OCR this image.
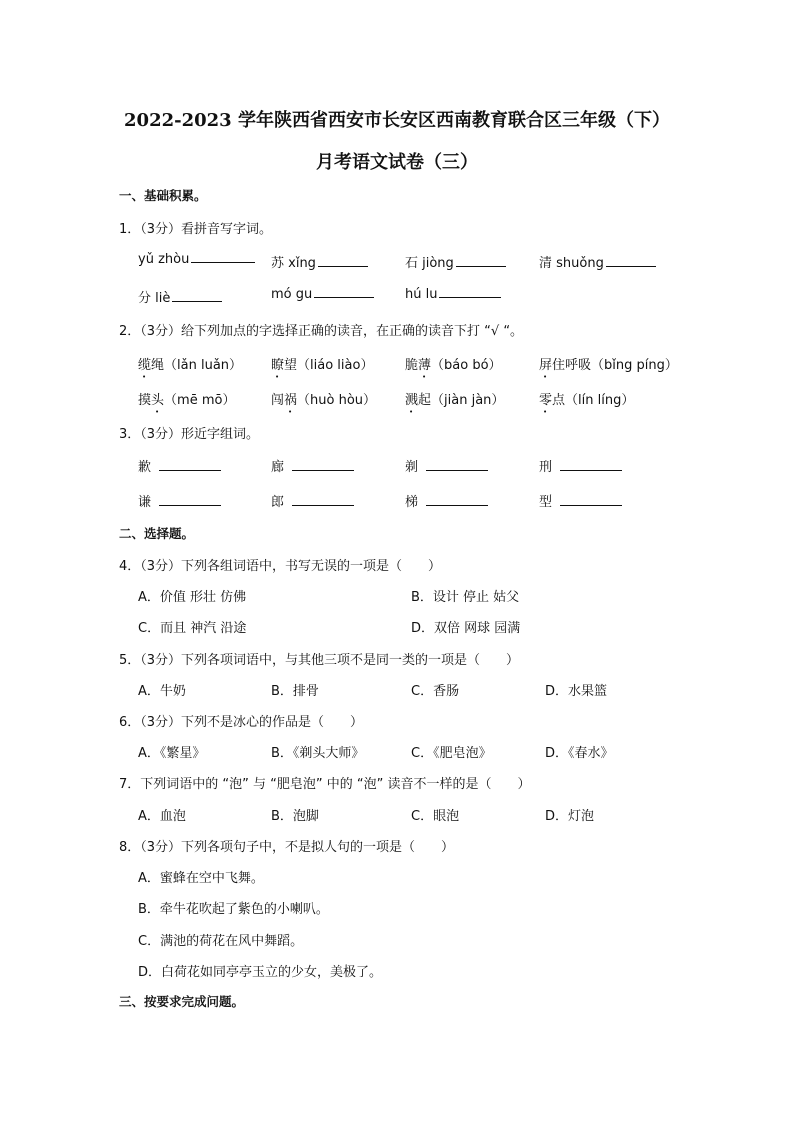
2022-2023 学年陕西省西安市长安区西南教育联合区三年级（下）
月考语文试卷（三）
一、基础积累。
1．（3分）看拼音写字词。
yǔ zhòu	苏 xǐng	石 jiòng	清 shuǒng
分 liè	mó gu	hú lu
2．（3分）给下列加点的字选择正确的读音，在正确的读音下打 “√ “。
缆绳（lǎn luǎn） 瞭望（liáo liào） 脆薄（báo bó）	屏住呼吸（bǐng píng）
摸头（mē mō）	闯祸（huò hòu） 溅起（jiàn jàn）	零点（lín líng）
3．（3分）形近字组词。
歉	廊	剃	刑
谦	郎	梯	型
二、选择题。
4．（3分）下列各组词语中，书写无误的一项是（　　）
A．价值 形壮 仿佛	B．设计 停止 姑父
C．而且 神汽 沿途	D．双倍 网球 园满
5．（3分）下列各项词语中，与其他三项不是同一类的一项是（　　）
A．牛奶	B．排骨	C．香肠	D．水果篮
6．（3分）下列不是冰心的作品是（　　）
A．《繁星》	B．《剃头大师》	C．《肥皂泡》	D．《春水》
7．下列词语中的 “泡” 与 “肥皂泡” 中的 “泡” 读音不一样的是（　　）
A．血泡	B．泡脚	C．眼泡	D．灯泡
8．（3分）下列各项句子中，不是拟人句的一项是（　　）
A．蜜蜂在空中飞舞。
B．牵牛花吹起了紫色的小喇叭。
C．满池的荷花在风中舞蹈。
D．白荷花如同亭亭玉立的少女，美极了。
三、按要求完成问题。
